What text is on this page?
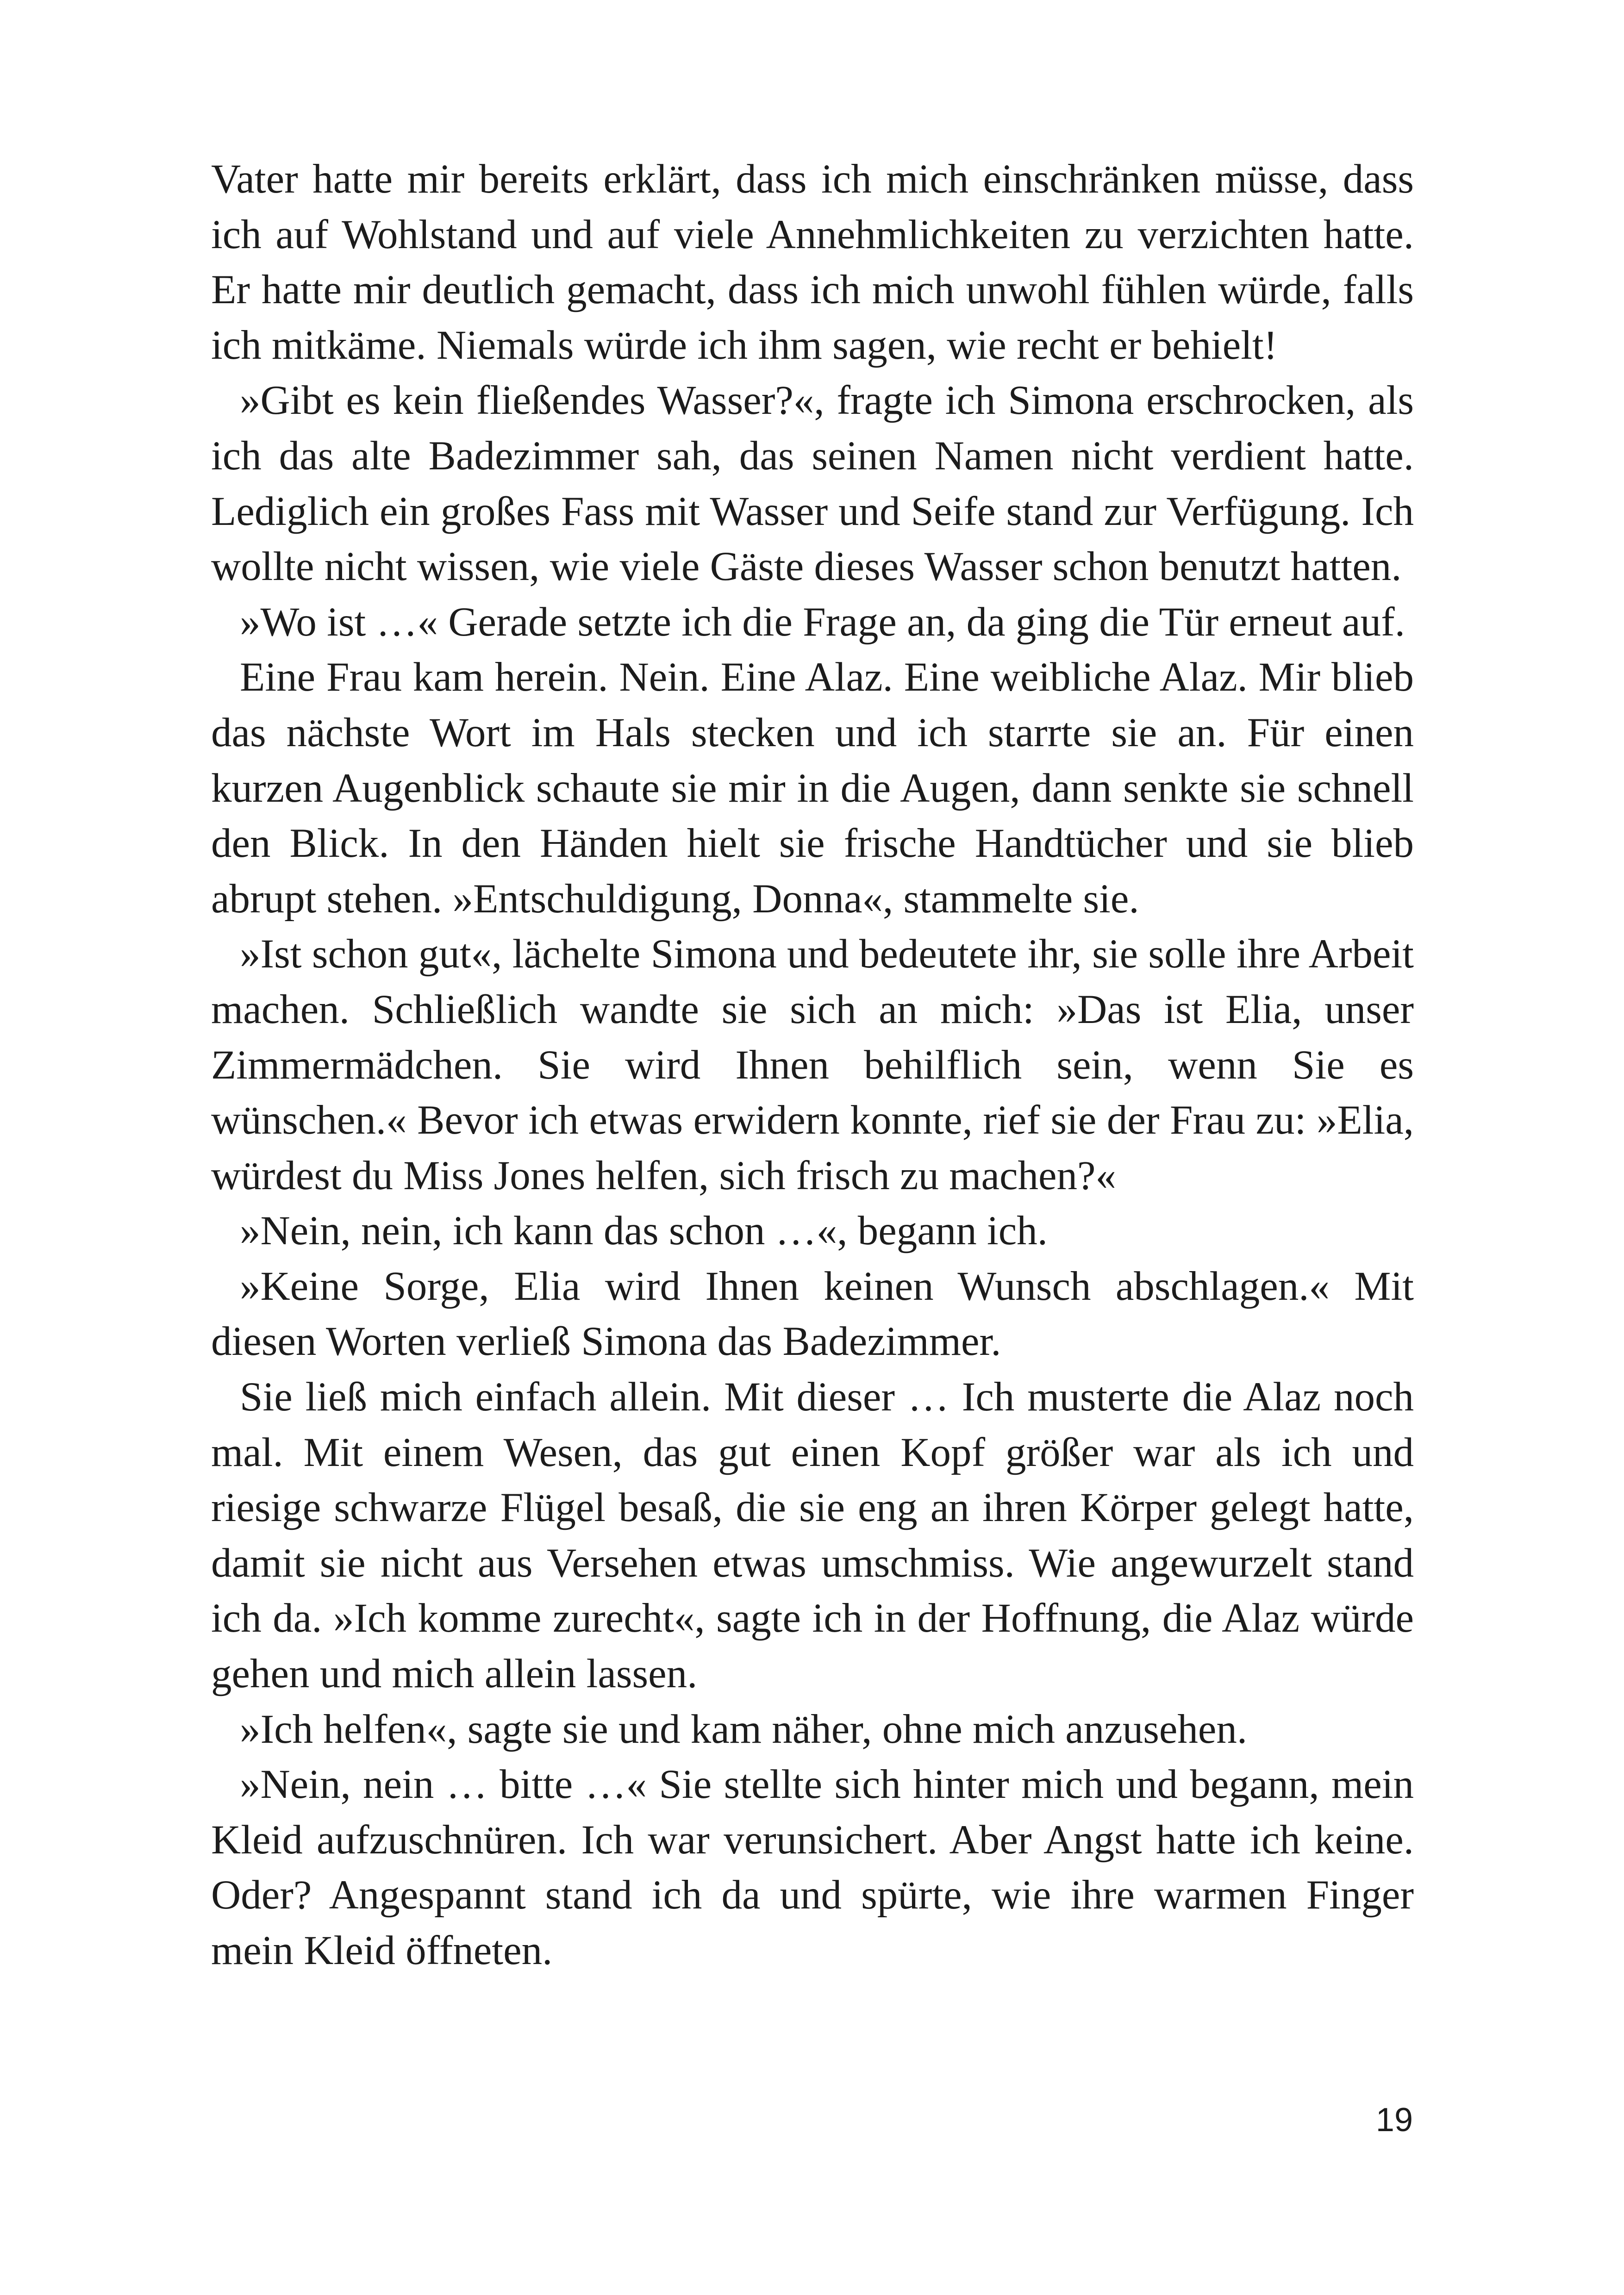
Vater hatte mir bereits erklärt, dass ich mich einschränken müsse, dass ich auf Wohlstand und auf viele Annehmlichkeiten zu verzichten hatte. Er hatte mir deutlich gemacht, dass ich mich unwohl fühlen würde, falls ich mitkäme. Niemals würde ich ihm sagen, wie recht er behielt!

»Gibt es kein fließendes Wasser?«, fragte ich Simona erschrocken, als ich das alte Badezimmer sah, das seinen Namen nicht verdient hatte. Lediglich ein großes Fass mit Wasser und Seife stand zur Verfügung. Ich wollte nicht wissen, wie viele Gäste dieses Wasser schon benutzt hatten.

»Wo ist …« Gerade setzte ich die Frage an, da ging die Tür erneut auf.

Eine Frau kam herein. Nein. Eine Alaz. Eine weibliche Alaz. Mir blieb das nächste Wort im Hals stecken und ich starrte sie an. Für einen kurzen Augenblick schaute sie mir in die Augen, dann senkte sie schnell den Blick. In den Händen hielt sie frische Handtücher und sie blieb abrupt stehen. »Entschuldigung, Donna«, stammelte sie.

»Ist schon gut«, lächelte Simona und bedeutete ihr, sie solle ihre Arbeit machen. Schließlich wandte sie sich an mich: »Das ist Elia, unser Zimmermädchen. Sie wird Ihnen behilflich sein, wenn Sie es wünschen.« Bevor ich etwas erwidern konnte, rief sie der Frau zu: »Elia, würdest du Miss Jones helfen, sich frisch zu machen?«

»Nein, nein, ich kann das schon …«, begann ich.

»Keine Sorge, Elia wird Ihnen keinen Wunsch abschlagen.« Mit diesen Worten verließ Simona das Badezimmer.

Sie ließ mich einfach allein. Mit dieser … Ich musterte die Alaz noch mal. Mit einem Wesen, das gut einen Kopf größer war als ich und riesige schwarze Flügel besaß, die sie eng an ihren Körper gelegt hatte, damit sie nicht aus Versehen etwas umschmiss. Wie angewurzelt stand ich da. »Ich komme zurecht«, sagte ich in der Hoffnung, die Alaz würde gehen und mich allein lassen.

»Ich helfen«, sagte sie und kam näher, ohne mich anzusehen.

»Nein, nein … bitte …« Sie stellte sich hinter mich und begann, mein Kleid aufzuschnüren. Ich war verunsichert. Aber Angst hatte ich keine. Oder? Angespannt stand ich da und spürte, wie ihre warmen Finger mein Kleid öffneten.

19
